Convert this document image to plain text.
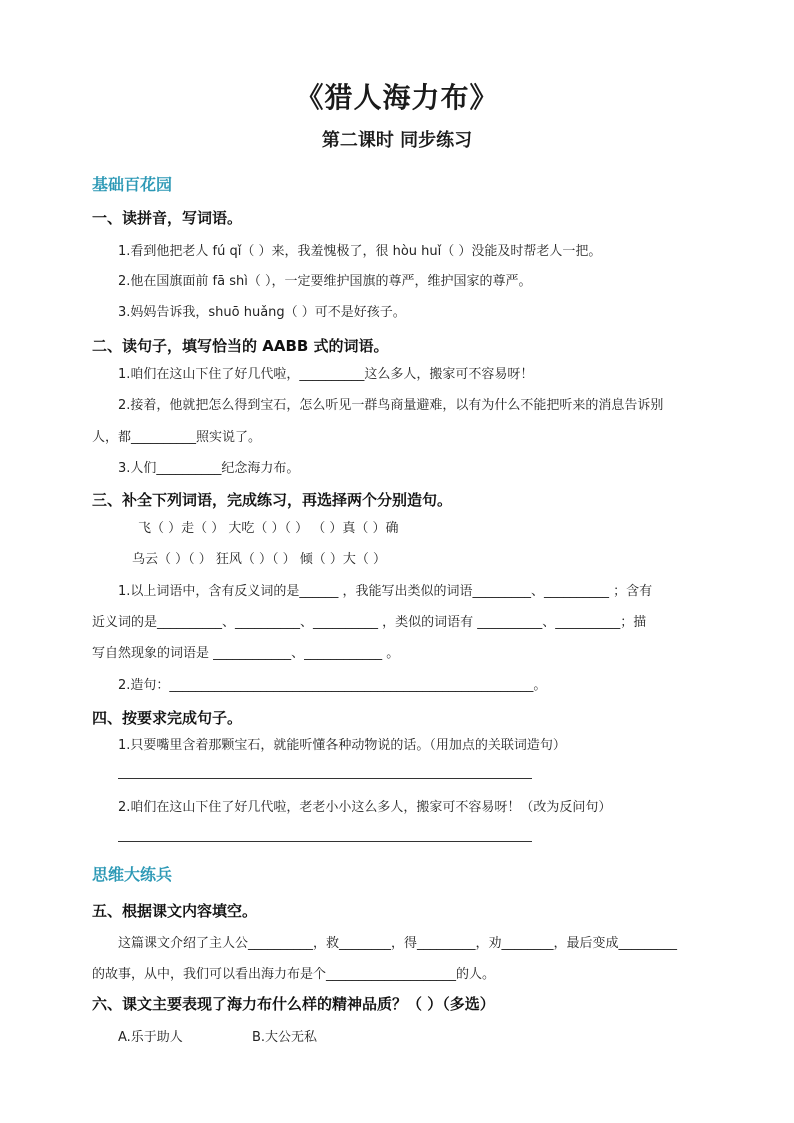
《猎人海力布》
第二课时 同步练习
基础百花园
一、读拼音，写词语。
1.看到他把老人 fú qǐ（ ）来，我羞愧极了，很 hòu huǐ（ ）没能及时帮老人一把。
2.他在国旗面前 fā shì（ ），一定要维护国旗的尊严，维护国家的尊严。
3.妈妈告诉我，shuō huǎng（ ）可不是好孩子。
二、读句子，填写恰当的 AABB 式的词语。
1.咱们在这山下住了好几代啦，__________这么多人，搬家可不容易呀！
2.接着，他就把怎么得到宝石，怎么听见一群鸟商量避难，以有为什么不能把听来的消息告诉别
人，都__________照实说了。
3.人们__________纪念海力布。
三、补全下列词语，完成练习，再选择两个分别造句。
飞（ ）走（ ） 大吃（ ）（ ） （ ）真（ ）确
乌云（ ）（ ） 狂风（ ）（ ） 倾（ ）大（ ）
1.以上词语中，含有反义词的是______ ，我能写出类似的词语_________、__________ ；含有
近义词的是__________、__________、__________ ，类似的词语有 __________、__________；描
写自然现象的词语是 ____________、____________ 。
2.造句：________________________________________________________。
四、按要求完成句子。
1.只要嘴里含着那颗宝石，就能听懂各种动物说的话。（用加点的关联词造句）
2.咱们在这山下住了好几代啦，老老小小这么多人，搬家可不容易呀！（改为反问句）
思维大练兵
五、根据课文内容填空。
这篇课文介绍了主人公__________，救________，得_________，劝________，最后变成_________
的故事，从中，我们可以看出海力布是个____________________的人。
六、课文主要表现了海力布什么样的精神品质？（ ）（多选）
A.乐于助人	B.大公无私
